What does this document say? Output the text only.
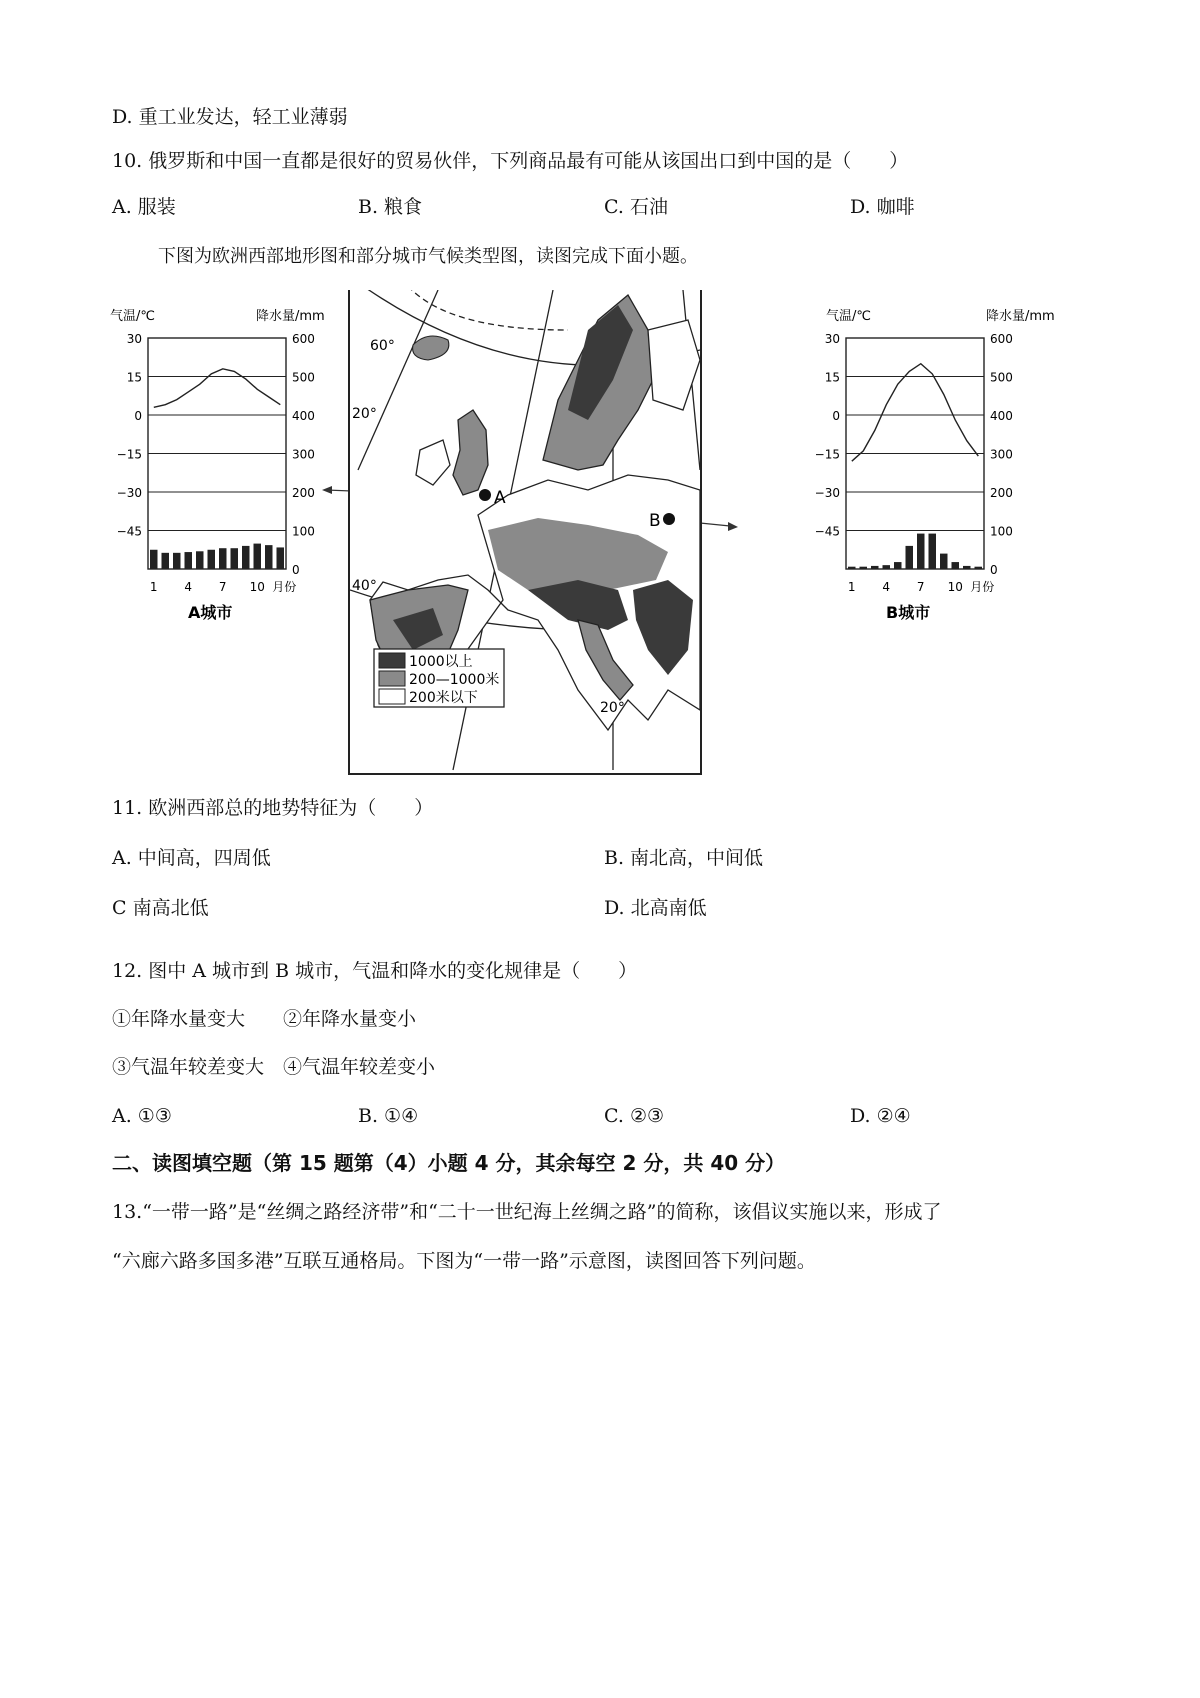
D. 重工业发达，轻工业薄弱
10. 俄罗斯和中国一直都是很好的贸易伙伴，下列商品最有可能从该国出口到中国的是（　　）
A. 服装	B. 粮食	C. 石油	D. 咖啡
下图为欧洲西部地形图和部分城市气候类型图，读图完成下面小题。
气温/℃	降水量/mm
30
15
0
−15
−30
−45
600
500
400
300
200
100
0
1 4 7 10 月份
A城市
气温/℃	降水量/mm
30
15
0
−15
−30
−45
600
500
400
300
200
100
0
1 4 7 10 月份
B城市
A
B
60°
40°
20°
20°
1000以上
200—1000米
200米以下
11. 欧洲西部总的地势特征为（　　）
A. 中间高，四周低	B. 南北高，中间低
C 南高北低	D. 北高南低
12. 图中 A 城市到 B 城市，气温和降水的变化规律是（　　）
①年降水量变大　　②年降水量变小
③气温年较差变大　④气温年较差变小
A. ①③	B. ①④	C. ②③	D. ②④
二、读图填空题（第 15 题第（4）小题 4 分，其余每空 2 分，共 40 分）
13.“一带一路”是“丝绸之路经济带”和“二十一世纪海上丝绸之路”的简称，该倡议实施以来，形成了
“六廊六路多国多港”互联互通格局。下图为“一带一路”示意图，读图回答下列问题。
